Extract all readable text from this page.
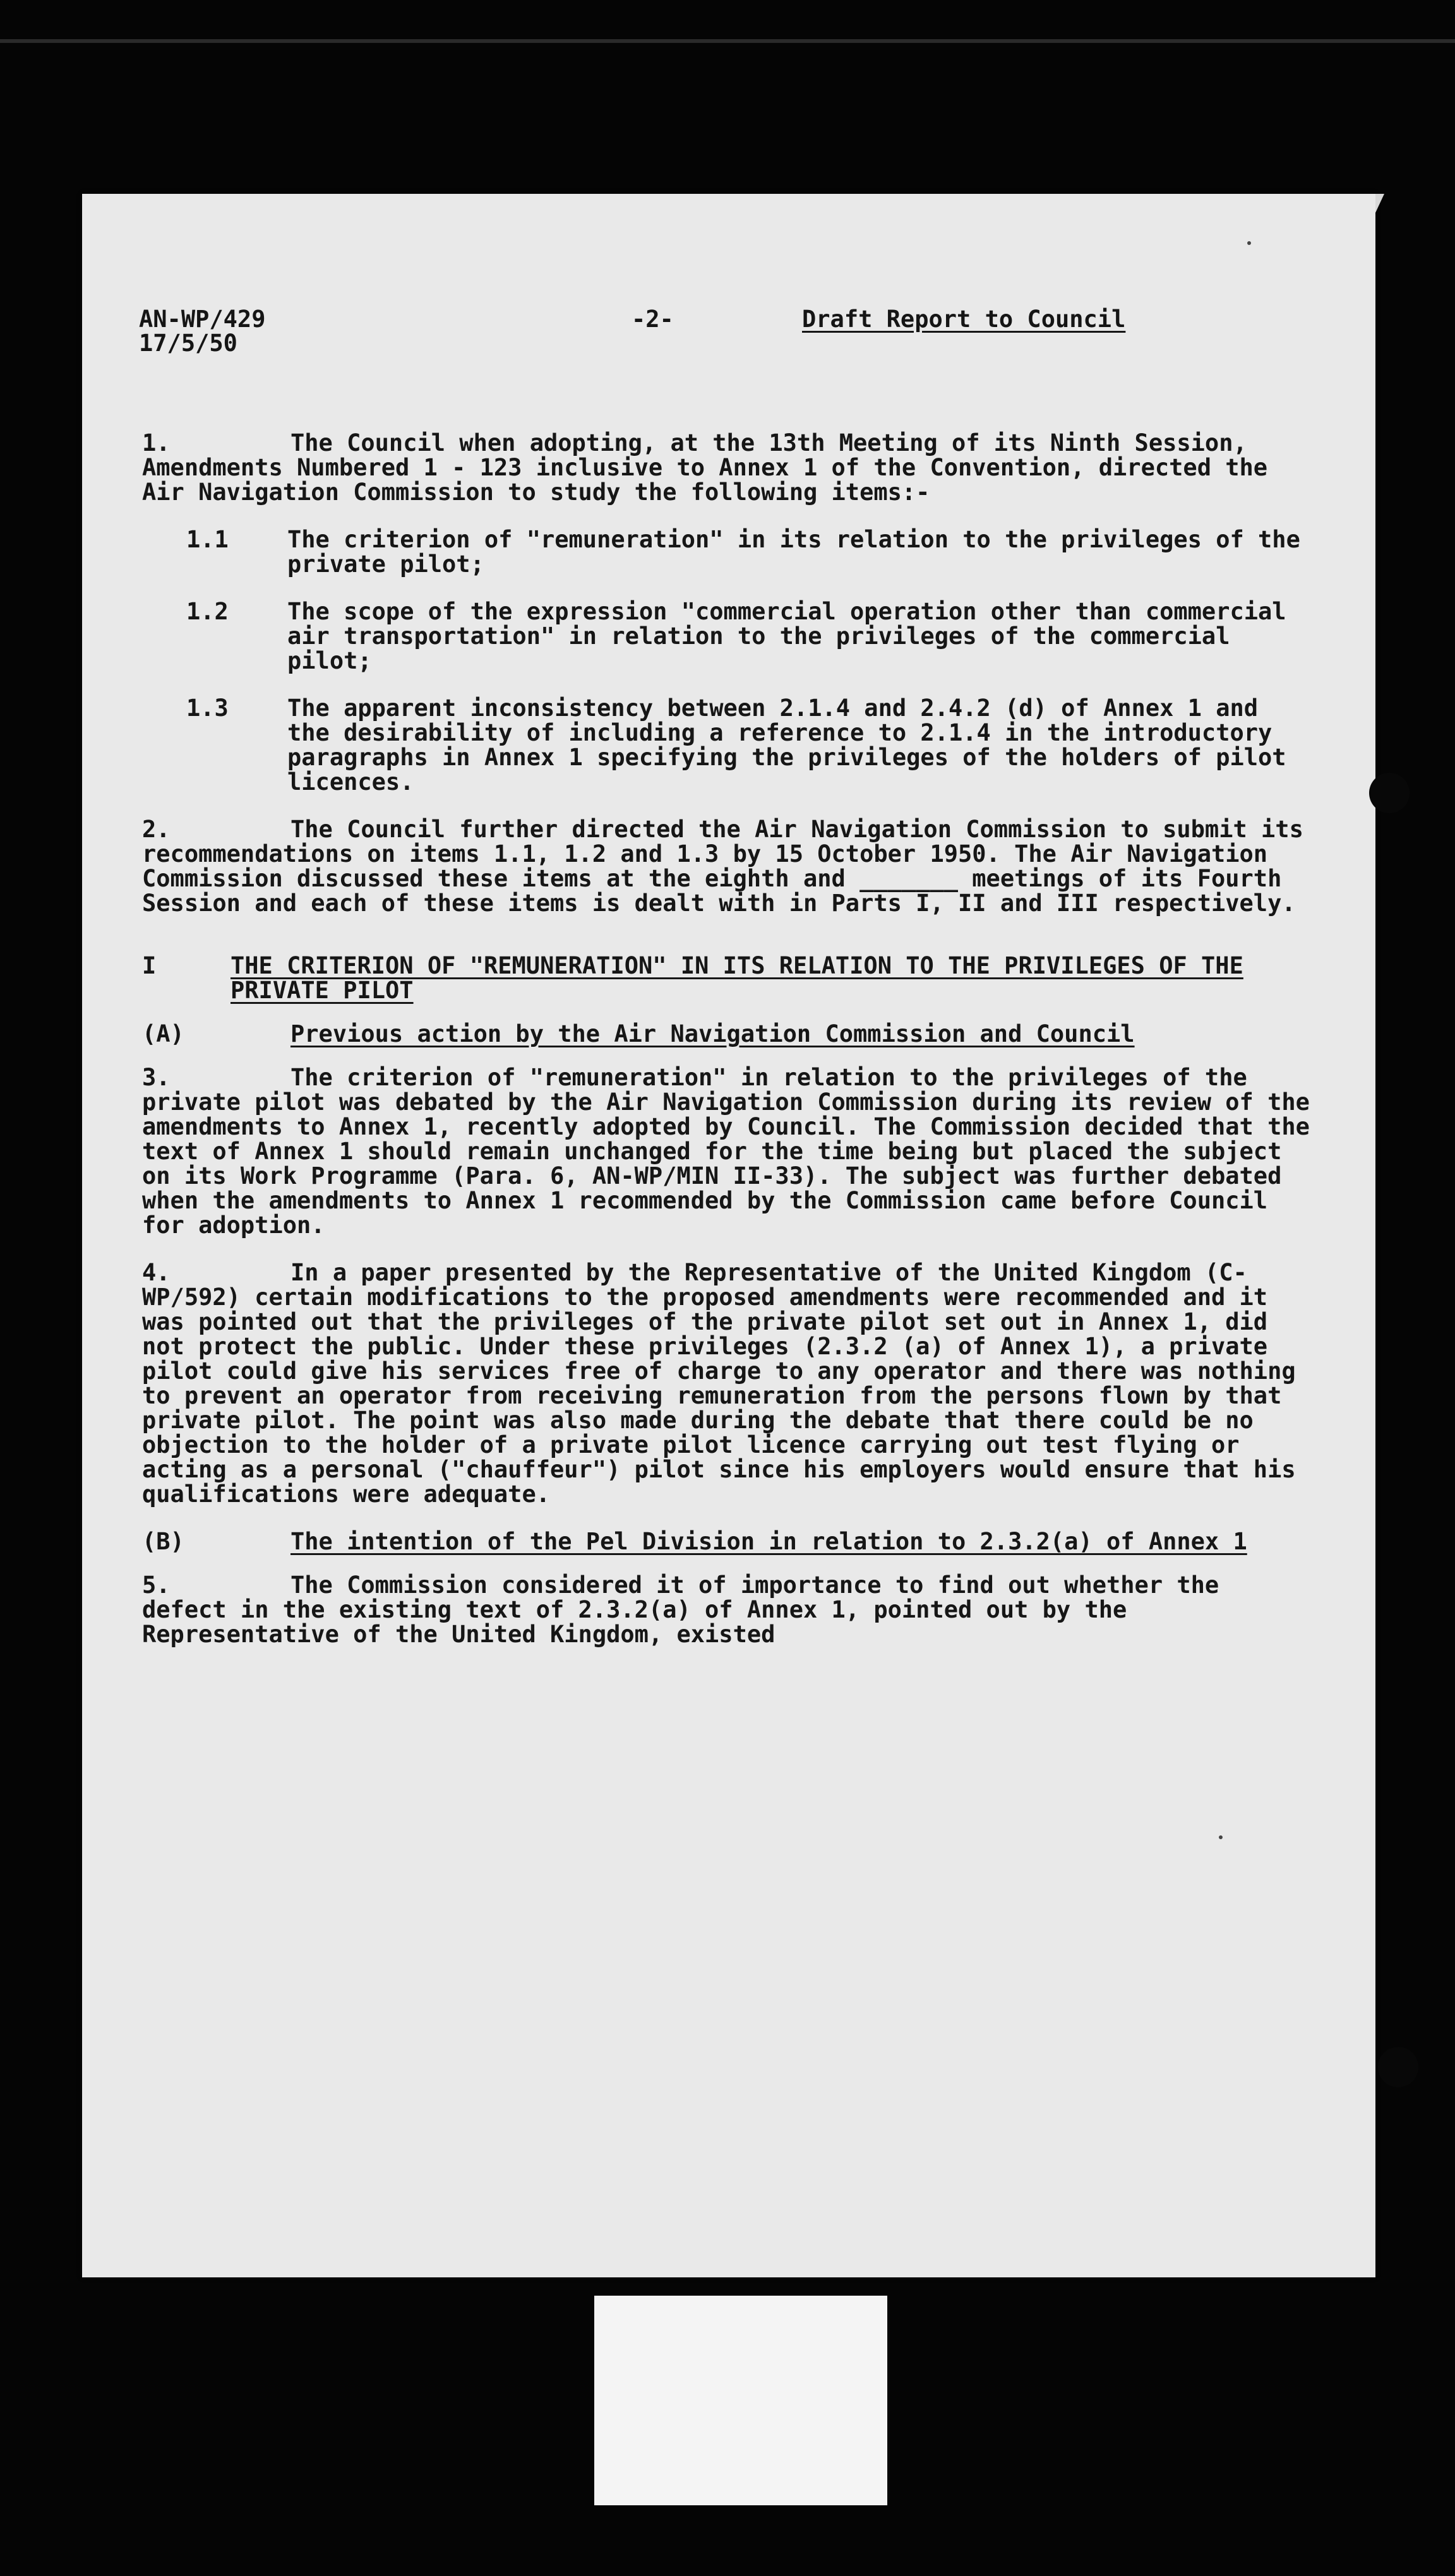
AN-WP/429
17/5/50
-2-	Draft Report to Council
1.	The Council when adopting, at the 13th Meeting of its Ninth Session, Amendments Numbered 1 - 123 inclusive to Annex 1 of the Convention, directed the Air Navigation Commission to study the following items:-
1.1	The criterion of "remuneration" in its relation to the privileges of the private pilot;
1.2	The scope of the expression "commercial operation other than commercial air transportation" in relation to the privileges of the commercial pilot;
1.3	The apparent inconsistency between 2.1.4 and 2.4.2 (d) of Annex 1 and the desirability of including a reference to 2.1.4 in the introductory paragraphs in Annex 1 specifying the privileges of the holders of pilot licences.
2.	The Council further directed the Air Navigation Commission to submit its recommendations on items 1.1, 1.2 and 1.3 by 15 October 1950. The Air Navigation Commission discussed these items at the eighth and _______ meetings of its Fourth Session and each of these items is dealt with in Parts I, II and III respectively.
I	THE CRITERION OF "REMUNERATION" IN ITS RELATION TO THE PRIVILEGES OF THE PRIVATE PILOT
(A)	Previous action by the Air Navigation Commission and Council
3.	The criterion of "remuneration" in relation to the privileges of the private pilot was debated by the Air Navigation Commission during its review of the amendments to Annex 1, recently adopted by Council. The Commission decided that the text of Annex 1 should remain unchanged for the time being but placed the subject on its Work Programme (Para. 6, AN-WP/MIN II-33). The subject was further debated when the amendments to Annex 1 recommended by the Commission came before Council for adoption.
4.	In a paper presented by the Representative of the United Kingdom (C-WP/592) certain modifications to the proposed amendments were recommended and it was pointed out that the privileges of the private pilot set out in Annex 1, did not protect the public. Under these privileges (2.3.2 (a) of Annex 1), a private pilot could give his services free of charge to any operator and there was nothing to prevent an operator from receiving remuneration from the persons flown by that private pilot. The point was also made during the debate that there could be no objection to the holder of a private pilot licence carrying out test flying or acting as a personal ("chauffeur") pilot since his employers would ensure that his qualifications were adequate.
(B)	The intention of the Pel Division in relation to 2.3.2(a) of Annex 1
5.	The Commission considered it of importance to find out whether the defect in the existing text of 2.3.2(a) of Annex 1, pointed out by the Representative of the United Kingdom, existed
